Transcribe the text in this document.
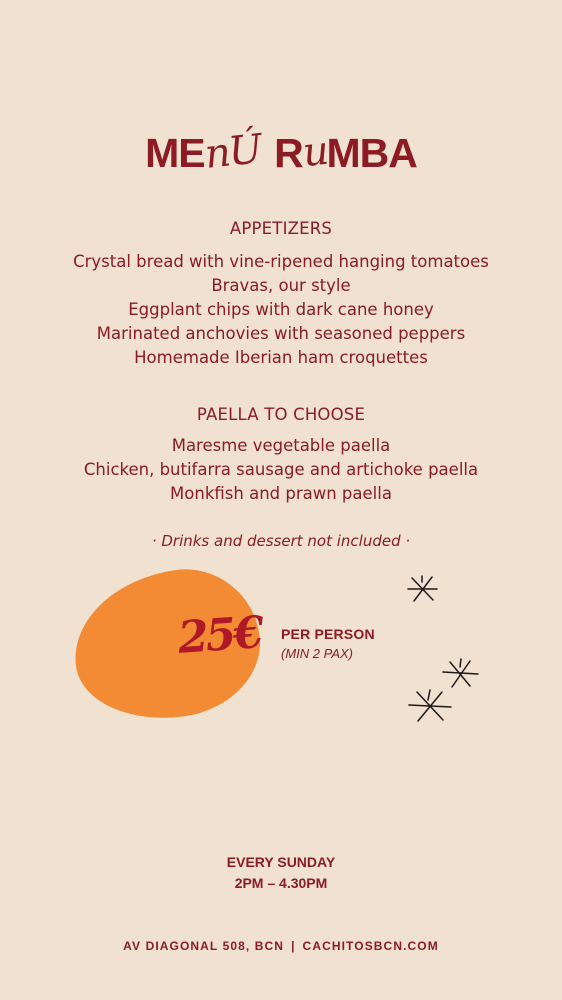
ME
nÚ R
u
MBA
APPETIZERS
Crystal bread with vine-ripened hanging tomatoes
Bravas, our style
Eggplant chips with dark cane honey
Marinated anchovies with seasoned peppers
Homemade Iberian ham croquettes
PAELLA TO CHOOSE
Maresme vegetable paella
Chicken, butifarra sausage and artichoke paella
Monkfish and prawn paella
· Drinks and dessert not included ·
25€ PER PERSON
(MIN 2 PAX)
EVERY SUNDAY
2PM – 4.30PM
AV DIAGONAL 508, BCN | CACHITOSBCN.COM
